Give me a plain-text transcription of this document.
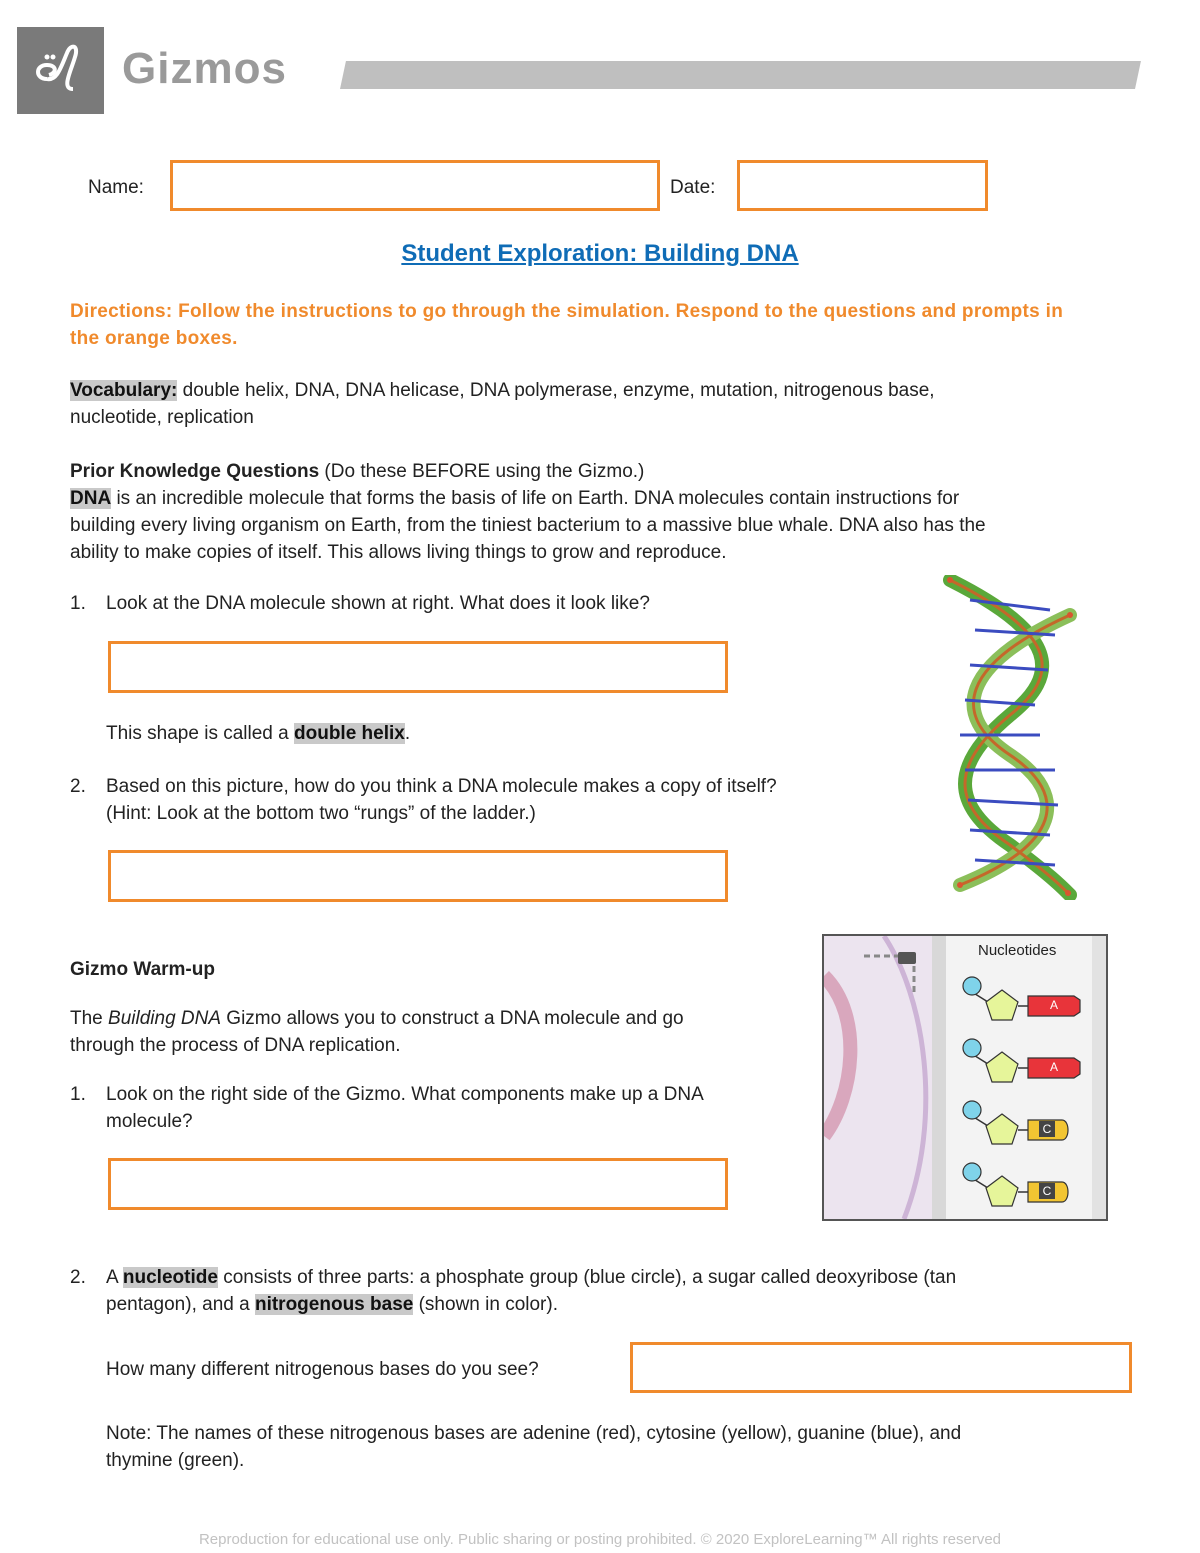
Gizmos
Name:	Date:
Student Exploration: Building DNA
Directions: Follow the instructions to go through the simulation. Respond to the questions and prompts in the orange boxes.
Vocabulary: double helix, DNA, DNA helicase, DNA polymerase, enzyme, mutation, nitrogenous base,
nucleotide, replication
Prior Knowledge Questions (Do these BEFORE using the Gizmo.)
DNA is an incredible molecule that forms the basis of life on Earth. DNA molecules contain instructions for
building every living organism on Earth, from the tiniest bacterium to a massive blue whale. DNA also has the
ability to make copies of itself. This allows living things to grow and reproduce.
1. Look at the DNA molecule shown at right. What does it look like?
This shape is called a double helix.
2. Based on this picture, how do you think a DNA molecule makes a copy of itself?
(Hint: Look at the bottom two “rungs” of the ladder.)
Gizmo Warm-up
The Building DNA Gizmo allows you to construct a DNA molecule and go
through the process of DNA replication.
1. Look on the right side of the Gizmo. What components make up a DNA
molecule?
Nucleotides
A
A
C
C
2. A nucleotide consists of three parts: a phosphate group (blue circle), a sugar called deoxyribose (tan
pentagon), and a nitrogenous base (shown in color).
How many different nitrogenous bases do you see?
Note: The names of these nitrogenous bases are adenine (red), cytosine (yellow), guanine (blue), and
thymine (green).
Reproduction for educational use only. Public sharing or posting prohibited. © 2020 ExploreLearning™ All rights reserved
